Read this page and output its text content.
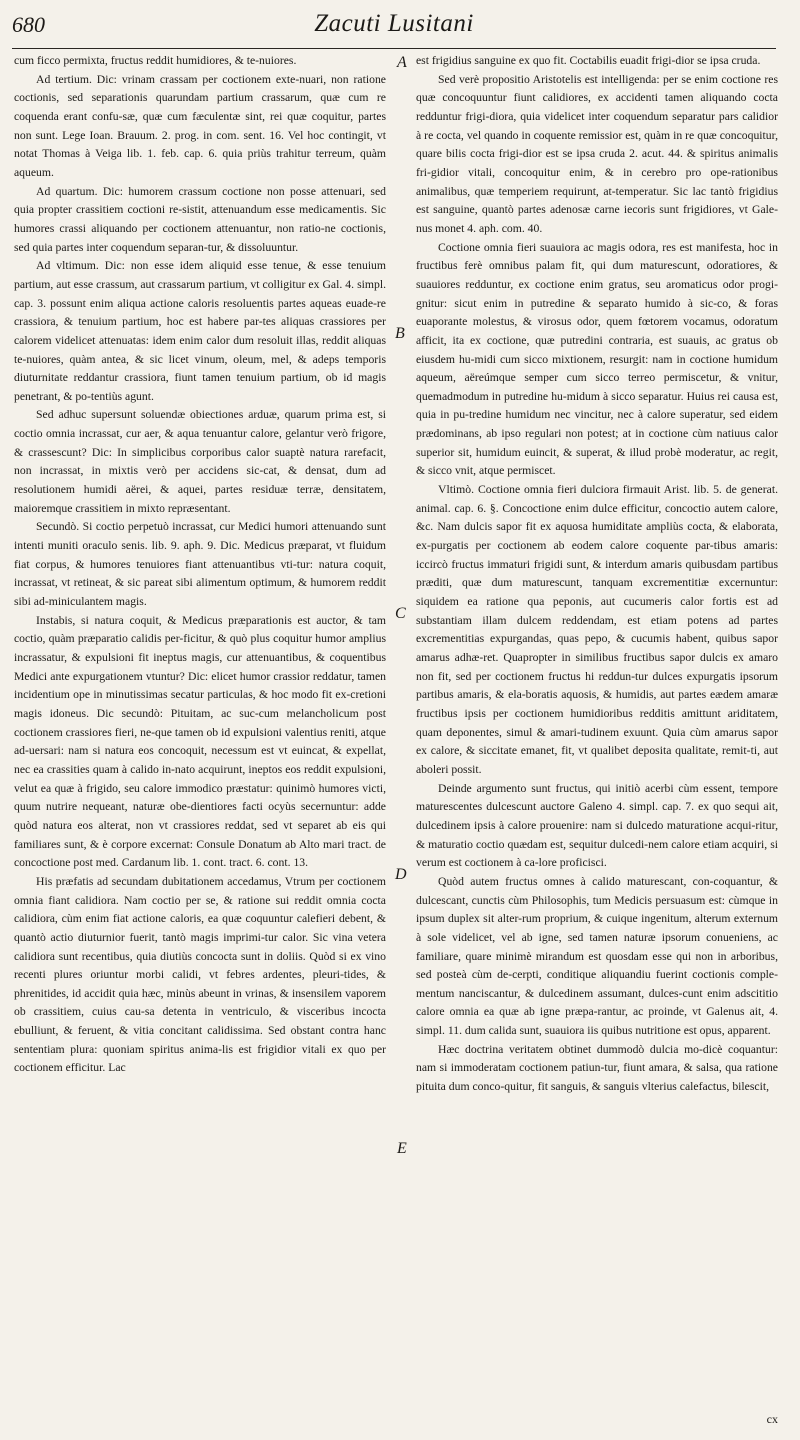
680	Zacuti Lusitani

cum ficco permixta, fructus reddit humidiores, & te-nuiores.

Ad tertium. Dic: vrinam crassam per coctionem exte-nuari, non ratione coctionis, sed separationis quarundam partium crassarum, quæ cum re coquenda erant confu-sæ, quæ cum fæculentæ sint, rei quæ coquitur, partes non sunt. Lege Ioan. Brauum. 2. prog. in com. sent. 16. Vel hoc contingit, vt notat Thomas à Veiga lib. 1. feb. cap. 6. quia priùs trahitur terreum, quàm aqueum.

Ad quartum. Dic: humorem crassum coctione non posse attenuari, sed quia propter crassitiem coctioni re-sistit, attenuandum esse medicamentis. Sic humores crassi aliquando per coctionem attenuantur, non ratio-ne coctionis, sed quia partes inter coquendum separan-tur, & dissoluuntur.

Ad vltimum. Dic: non esse idem aliquid esse tenue, & esse tenuium partium, aut esse crassum, aut crassarum partium, vt colligitur ex Gal. 4. simpl. cap. 3. possunt enim aliqua actione caloris resoluentis partes aqueas euade-re crassiora, & tenuium partium, hoc est habere par-tes aliquas crassiores per calorem videlicet attenuatas: idem enim calor dum resoluit illas, reddit aliquas te-nuiores, quàm antea, & sic licet vinum, oleum, mel, & adeps temporis diuturnitate reddantur crassiora, fiunt tamen tenuium partium, ob id magis penetrant, & po-tentiùs agunt.

Sed adhuc supersunt soluendæ obiectiones arduæ, quarum prima est, si coctio omnia incrassat, cur aer, & aqua tenuantur calore, gelantur verò frigore, & crassescunt? Dic: In simplicibus corporibus calor suaptè natura rarefacit, non incrassat, in mixtis verò per accidens sic-cat, & densat, dum ad resolutionem humidi aërei, & aquei, partes residuæ terræ, densitatem, maioremque crassitiem in mixto repræsentant.

Secundò. Si coctio perpetuò incrassat, cur Medici humori attenuando sunt intenti muniti oraculo senis. lib. 9. aph. 9. Dic. Medicus præparat, vt fluidum fiat corpus, & humores tenuiores fiant attenuantibus vti-tur: natura coquit, incrassat, vt retineat, & sic pareat sibi alimentum optimum, & humorem reddit sibi ad-miniculantem magis.

Instabis, si natura coquit, & Medicus præparationis est auctor, & tam coctio, quàm præparatio calidis per-ficitur, & quò plus coquitur humor amplius incrassatur, & expulsioni fit ineptus magis, cur attenuantibus, & coquentibus Medici ante expurgationem vtuntur? Dic: elicet humor crassior reddatur, tamen incidentium ope in minutissimas secatur particulas, & hoc modo fit ex-cretioni magis idoneus. Dic secundò: Pituitam, ac suc-cum melancholicum post coctionem crassiores fieri, ne-que tamen ob id expulsioni valentius reniti, atque ad-uersari: nam si natura eos concoquit, necessum est vt euincat, & expellat, nec ea crassities quam à calido in-nato acquirunt, ineptos eos reddit expulsioni, velut ea quæ à frigido, seu calore immodico præstatur: quinimò humores victi, quum nutrire nequeant, naturæ obe-dientiores facti ocyùs secernuntur: adde quòd natura eos alterat, non vt crassiores reddat, sed vt separet ab eis qui familiares sunt, & è corpore excernat: Consule Donatum ab Alto mari tract. de concoctione post med. Cardanum lib. 1. cont. tract. 6. cont. 13.

His præfatis ad secundam dubitationem accedamus, Vtrum per coctionem omnia fiant calidiora. Nam coctio per se, & ratione sui reddit omnia cocta calidiora, cùm enim fiat actione caloris, ea quæ coquuntur calefieri debent, & quantò actio diuturnior fuerit, tantò magis imprimi-tur calor. Sic vina vetera calidiora sunt recentibus, quia diutiùs concocta sunt in doliis. Quòd si ex vino recenti plures oriuntur morbi calidi, vt febres ardentes, pleuri-tides, & phrenitides, id accidit quia hæc, minùs abeunt in vrinas, & insensilem vaporem ob crassitiem, cuius cau-sa detenta in ventriculo, & visceribus incocta ebulliunt, & feruent, & vitia concitant calidissima. Sed obstant contra hanc sententiam plura: quoniam spiritus anima-lis est frigidior vitali ex quo per coctionem efficitur. Lac

A
B
C
D
E

est frigidius sanguine ex quo fit. Coctabilis euadit frigi-dior se ipsa cruda.

Sed verè propositio Aristotelis est intelligenda: per se enim coctione res quæ concoquuntur fiunt calidiores, ex accidenti tamen aliquando cocta redduntur frigi-diora, quia videlicet inter coquendum separatur pars calidior à re cocta, vel quando in coquente remissior est, quàm in re quæ concoquitur, quare bilis cocta frigi-dior est se ipsa cruda 2. acut. 44. & spiritus animalis fri-gidior vitali, concoquitur enim, & in cerebro pro ope-rationibus animalibus, quæ temperiem requirunt, at-temperatur. Sic lac tantò frigidius est sanguine, quantò partes adenosæ carne iecoris sunt frigidiores, vt Gale-nus monet 4. aph. com. 40.

Coctione omnia fieri suauiora ac magis odora, res est manifesta, hoc in fructibus ferè omnibus palam fit, qui dum maturescunt, odoratiores, & suauiores redduntur, ex coctione enim gratus, seu aromaticus odor progi-gnitur: sicut enim in putredine & separato humido à sic-co, & foras euaporante molestus, & virosus odor, quem fœtorem vocamus, odoratum afficit, ita ex coctione, quæ putredini contraria, est suauis, ac gratus ob eiusdem hu-midi cum sicco mixtionem, resurgit: nam in coctione humidum aqueum, aëreúmque semper cum sicco terreo permiscetur, & vnitur, quemadmodum in putredine hu-midum à sicco separatur. Huius rei causa est, quia in pu-tredine humidum nec vincitur, nec à calore superatur, sed eidem prædominans, ab ipso regulari non potest; at in coctione cùm natiuus calor superior sit, humidum euincit, & superat, & illud probè moderatur, ac regit, & sicco vnit, atque permiscet.

Vltimò. Coctione omnia fieri dulciora firmauit Arist. lib. 5. de generat. animal. cap. 6. §. Concoctione enim dulce efficitur, concoctio autem calore, &c. Nam dulcis sapor fit ex aquosa humiditate ampliùs cocta, & elaborata, ex-purgatis per coctionem ab eodem calore coquente par-tibus amaris: iccircò fructus immaturi frigidi sunt, & interdum amaris quibusdam partibus præditi, quæ dum maturescunt, tanquam excrementitiæ excernuntur: siquidem ea ratione qua peponis, aut cucumeris calor fortis est ad substantiam illam dulcem reddendam, est etiam potens ad partes excrementitias expurgandas, quas pepo, & cucumis habent, quibus sapor amarus adhæ-ret. Quapropter in similibus fructibus sapor dulcis ex amaro non fit, sed per coctionem fructus hi reddun-tur dulces expurgatis ipsorum partibus amaris, & ela-boratis aquosis, & humidis, aut partes eædem amaræ fructibus ipsis per coctionem humidioribus redditis amittunt ariditatem, quam deponentes, simul & amari-tudinem exuunt. Quia cùm amarus sapor ex calore, & siccitate emanet, fit, vt qualibet deposita qualitate, remit-ti, aut aboleri possit.

Deinde argumento sunt fructus, qui initiò acerbi cùm essent, tempore maturescentes dulcescunt auctore Galeno 4. simpl. cap. 7. ex quo sequi ait, dulcedinem ipsis à calore prouenire: nam si dulcedo maturatione acqui-ritur, & maturatio coctio quædam est, sequitur dulcedi-nem calore etiam acquiri, si verum est coctionem à ca-lore proficisci.

Quòd autem fructus omnes à calido maturescant, con-coquantur, & dulcescant, cunctis cùm Philosophis, tum Medicis persuasum est: cùmque in ipsum duplex sit alter-rum proprium, & cuique ingenitum, alterum externum à sole videlicet, vel ab igne, sed tamen naturæ ipsorum conueniens, ac familiare, quare minimè mirandum est quosdam esse qui non in arboribus, sed posteà cùm de-cerpti, conditique aliquandiu fuerint coctionis comple-mentum nanciscantur, & dulcedinem assumant, dulces-cunt enim adscititio calore omnia ea quæ ab igne præpa-rantur, ac proinde, vt Galenus ait, 4. simpl. 11. dum calida sunt, suauiora iis quibus nutritione est opus, apparent.

Hæc doctrina veritatem obtinet dummodò dulcia mo-dicè coquantur: nam si immoderatam coctionem patiun-tur, fiunt amara, & salsa, qua ratione pituita dum conco-quitur, fit sanguis, & sanguis vlterius calefactus, bilescit,

cx
